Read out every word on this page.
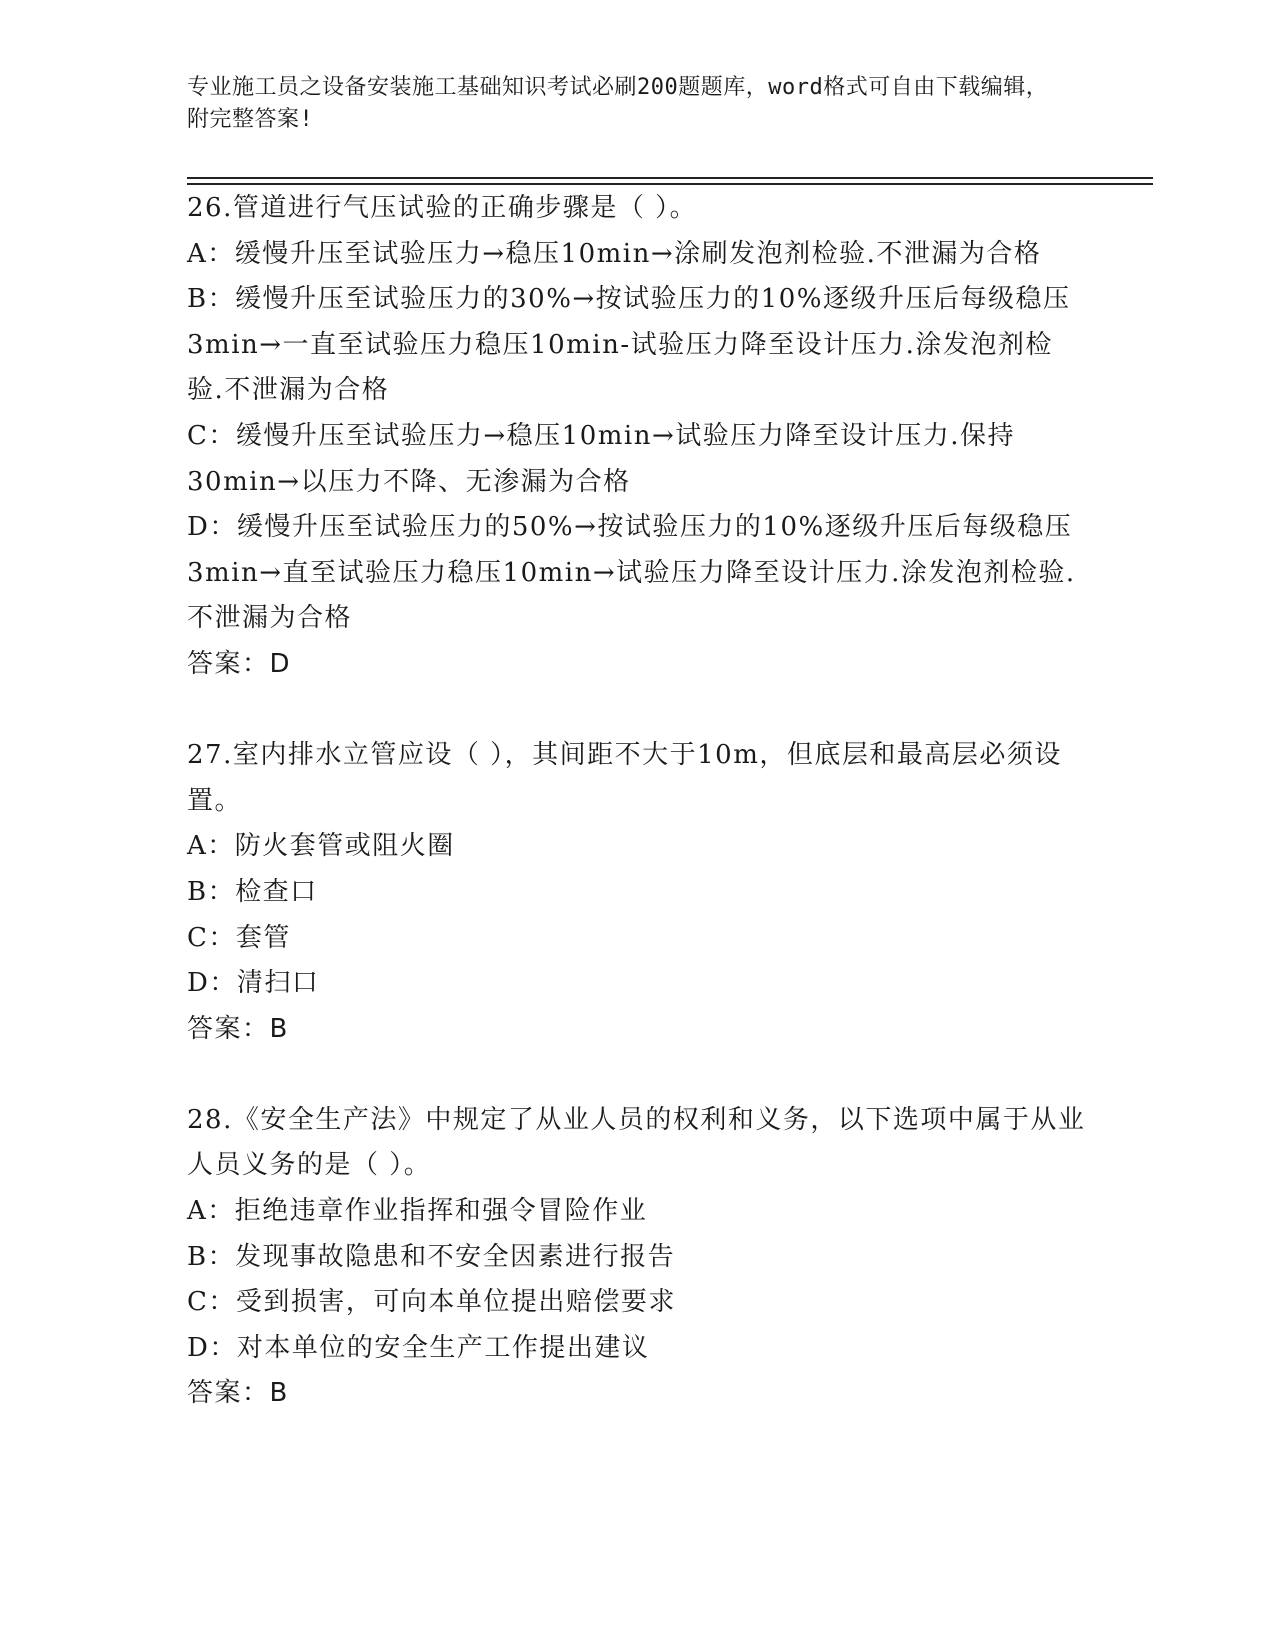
专业施工员之设备安装施工基础知识考试必刷200题题库，word格式可自由下载编辑，附完整答案!

26.管道进行气压试验的正确步骤是（ ）。

A：缓慢升压至试验压力→稳压10min→涂刷发泡剂检验.不泄漏为合格

B：缓慢升压至试验压力的30%→按试验压力的10%逐级升压后每级稳压3min→一直至试验压力稳压10min-试验压力降至设计压力.涂发泡剂检验.不泄漏为合格

C：缓慢升压至试验压力→稳压10min→试验压力降至设计压力.保持30min→以压力不降、无渗漏为合格

D：缓慢升压至试验压力的50%→按试验压力的10%逐级升压后每级稳压3min→直至试验压力稳压10min→试验压力降至设计压力.涂发泡剂检验.不泄漏为合格

答案：D

27.室内排水立管应设（ ），其间距不大于10m，但底层和最高层必须设置。

A：防火套管或阻火圈

B：检查口

C：套管

D：清扫口

答案：B

28.《安全生产法》中规定了从业人员的权利和义务，以下选项中属于从业人员义务的是（ ）。

A：拒绝违章作业指挥和强令冒险作业

B：发现事故隐患和不安全因素进行报告

C：受到损害，可向本单位提出赔偿要求

D：对本单位的安全生产工作提出建议

答案：B
